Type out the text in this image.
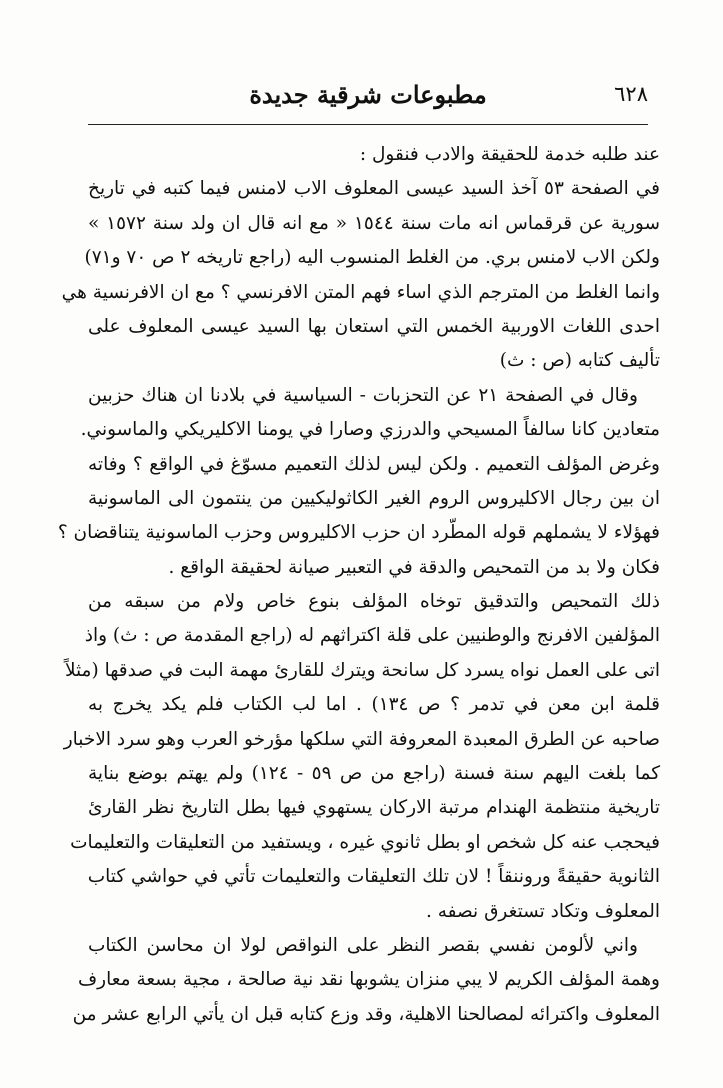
٦٢٨
مطبوعات شرقية جديدة
عند طلبه خدمة للحقيقة والادب فنقول :
في الصفحة ٥٣ آخذ السيد عيسى المعلوف الاب لامنس فيما كتبه في تاريخ
سورية عن قرقماس انه مات سنة ١٥٤٤ « مع انه قال ان ولد سنة ١٥٧٢ »
ولكن الاب لامنس بري. من الغلط المنسوب اليه (راجع تاريخه ٢ ص ٧٠ و٧١)
وانما الغلط من المترجم الذي اساء فهم المتن الافرنسي ؟ مع ان الافرنسية هي
احدى اللغات الاوربية الخمس التي استعان بها السيد عيسى المعلوف على
تأليف كتابه (ص : ث)
وقال في الصفحة ٢١ عن التحزبات - السياسية في بلادنا ان هناك حزبين
متعادين كانا سالفاً المسيحي والدرزي وصارا في يومنا الاكليريكي والماسوني.
وغرض المؤلف التعميم . ولكن ليس لذلك التعميم مسوّغ في الواقع ؟ وفاته
ان بين رجال الاكليروس الروم الغير الكاثوليكيين من ينتمون الى الماسونية
فهؤلاء لا يشملهم قوله المطّرد ان حزب الاكليروس وحزب الماسونية يتناقضان ؟
فكان ولا بد من التمحيص والدقة في التعبير صيانة لحقيقة الواقع .
ذلك التمحيص والتدقيق توخاه المؤلف بنوع خاص ولام من سبقه من
المؤلفين الافرنج والوطنيين على قلة اكتراثهم له (راجع المقدمة ص : ث) واذ
اتى على العمل نواه يسرد كل سانحة ويترك للقارئ مهمة البت في صدقها (مثلاً
قلمة ابن معن في تدمر ؟ ص ١٣٤) . اما لب الكتاب فلم يكد يخرج به
صاحبه عن الطرق المعبدة المعروفة التي سلكها مؤرخو العرب وهو سرد الاخبار
كما بلغت اليهم سنة فسنة (راجع من ص ٥٩ - ١٢٤) ولم يهتم بوضع بناية
تاريخية منتظمة الهندام مرتبة الاركان يستهوي فيها بطل التاريخ نظر القارئ
فيحجب عنه كل شخص او بطل ثانوي غيره ، ويستفيد من التعليقات والتعليمات
الثانوية حقيقةً وروننقاً ! لان تلك التعليقات والتعليمات تأتي في حواشي كتاب
المعلوف وتكاد تستغرق نصفه .
واني لألومن نفسي بقصر النظر على النواقص لولا ان محاسن الكتاب
وهمة المؤلف الكريم لا يبي منزان يشوبها نقد نية صالحة ، مجية بسعة معارف
المعلوف واكترائه لمصالحنا الاهلية، وقد وزع كتابه قبل ان يأتي الرابع عشر من
